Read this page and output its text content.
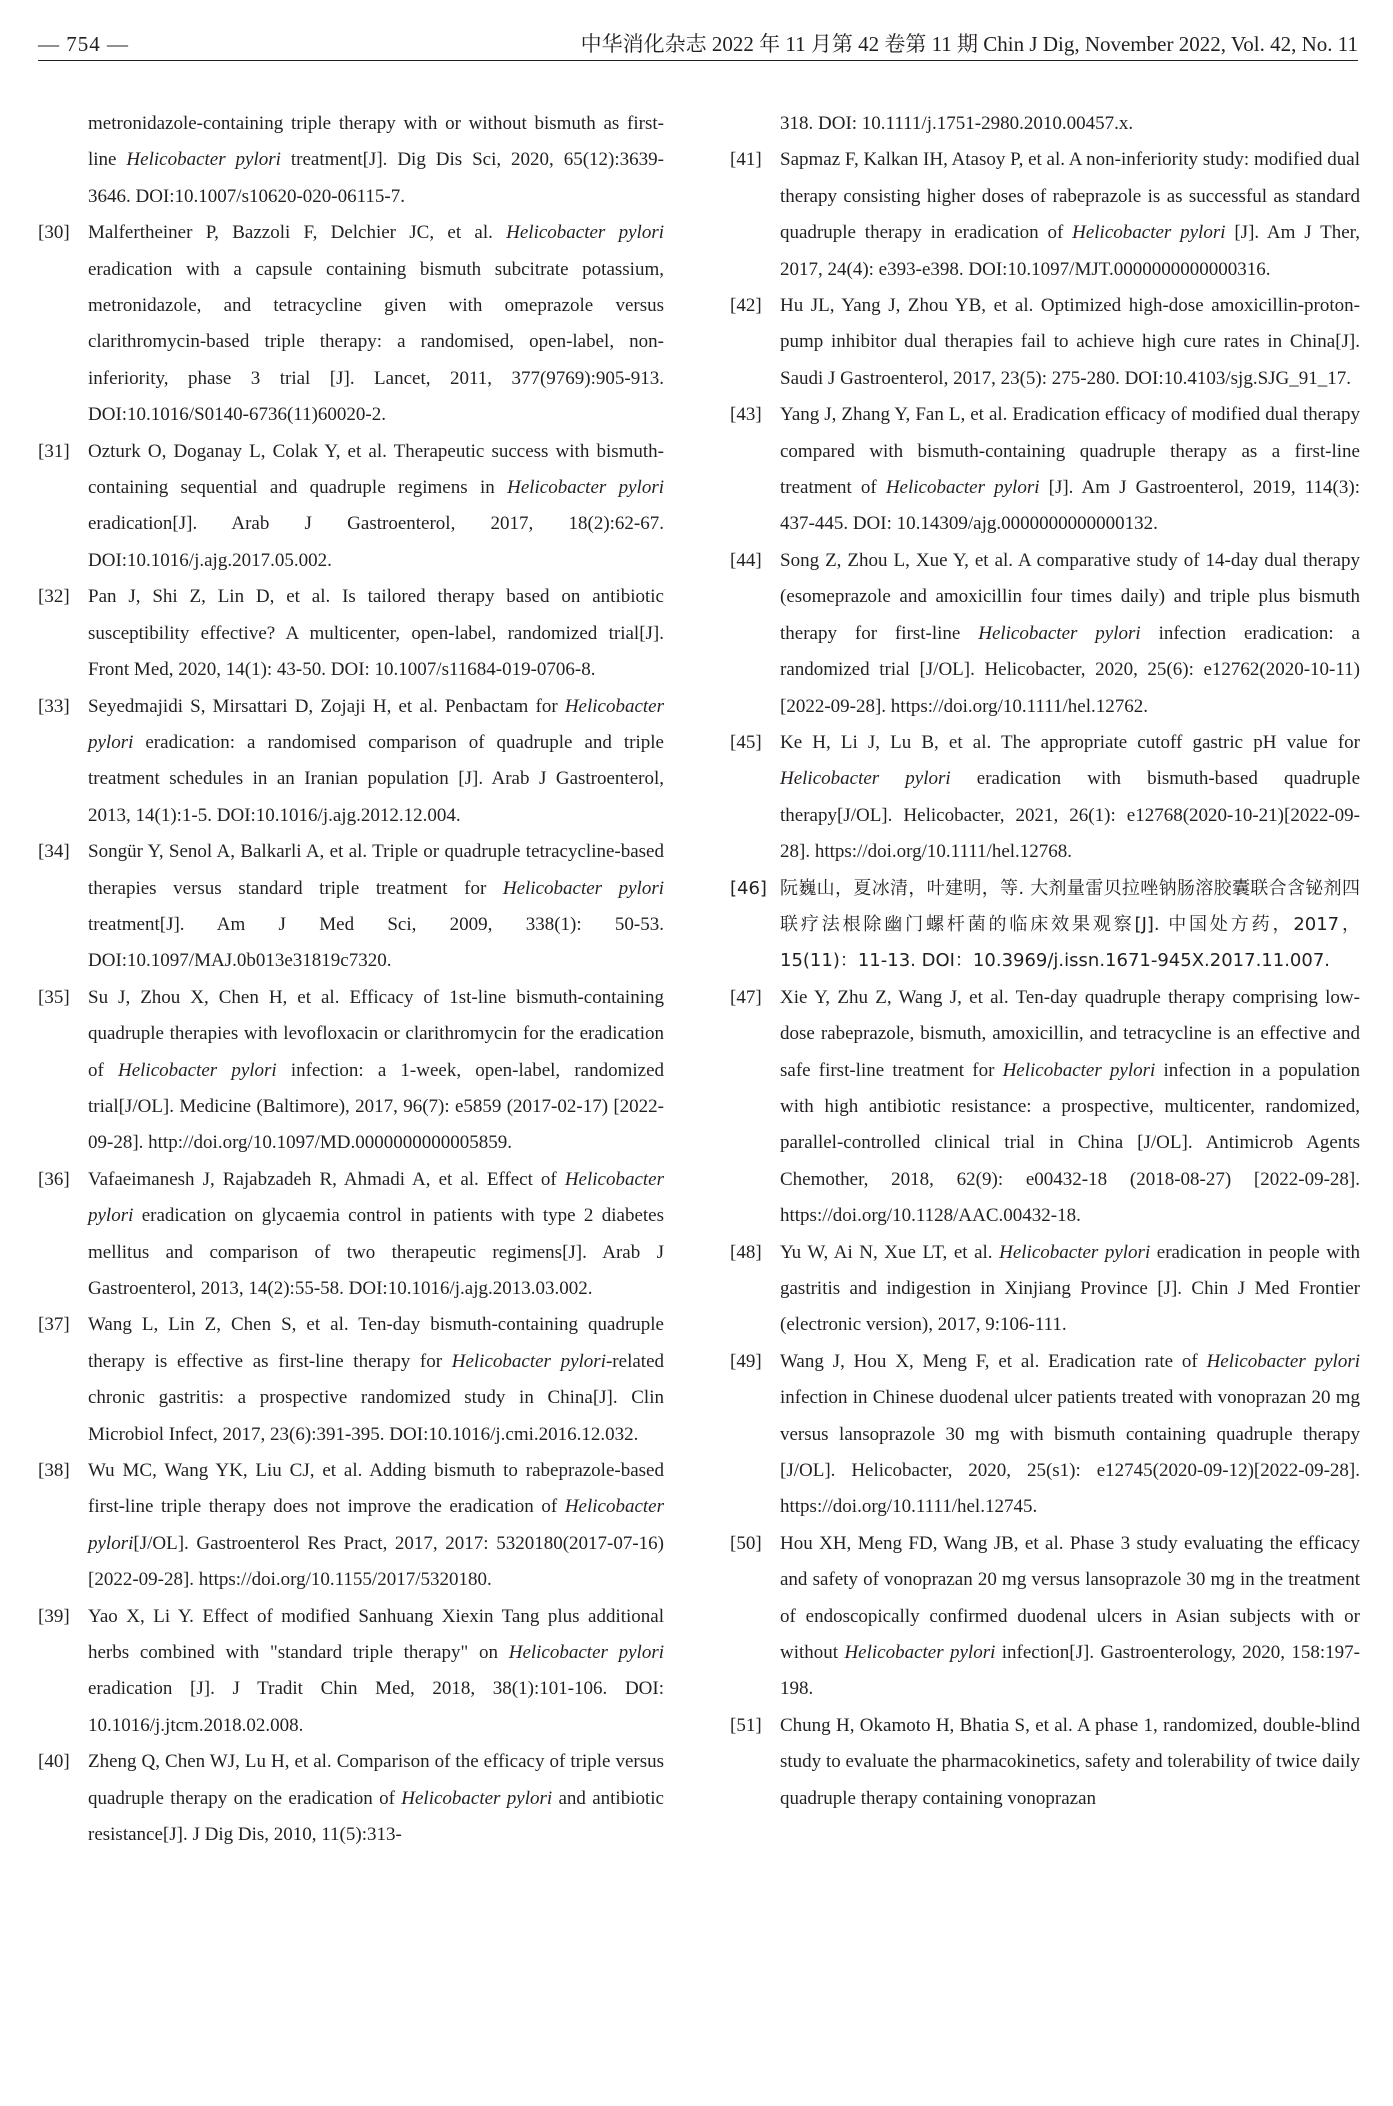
— 754 —	中华消化杂志 2022 年 11 月第 42 卷第 11 期 Chin J Dig, November 2022, Vol. 42, No. 11
metronidazole-containing triple therapy with or without bismuth as first-line Helicobacter pylori treatment[J]. Dig Dis Sci, 2020, 65(12):3639-3646. DOI:10.1007/s10620-020-06115-7.
[30] Malfertheiner P, Bazzoli F, Delchier JC, et al. Helicobacter pylori eradication with a capsule containing bismuth subcitrate potassium, metronidazole, and tetracycline given with omeprazole versus clarithromycin-based triple therapy: a randomised, open-label, non-inferiority, phase 3 trial [J]. Lancet, 2011, 377(9769):905-913. DOI:10.1016/S0140-6736(11)60020-2.
[31] Ozturk O, Doganay L, Colak Y, et al. Therapeutic success with bismuth-containing sequential and quadruple regimens in Helicobacter pylori eradication[J]. Arab J Gastroenterol, 2017, 18(2):62-67. DOI:10.1016/j.ajg.2017.05.002.
[32] Pan J, Shi Z, Lin D, et al. Is tailored therapy based on antibiotic susceptibility effective? A multicenter, open-label, randomized trial[J]. Front Med, 2020, 14(1): 43-50. DOI: 10.1007/s11684-019-0706-8.
[33] Seyedmajidi S, Mirsattari D, Zojaji H, et al. Penbactam for Helicobacter pylori eradication: a randomised comparison of quadruple and triple treatment schedules in an Iranian population [J]. Arab J Gastroenterol, 2013, 14(1):1-5. DOI:10.1016/j.ajg.2012.12.004.
[34] Songür Y, Senol A, Balkarli A, et al. Triple or quadruple tetracycline-based therapies versus standard triple treatment for Helicobacter pylori treatment[J]. Am J Med Sci, 2009, 338(1): 50-53. DOI:10.1097/MAJ.0b013e31819c7320.
[35] Su J, Zhou X, Chen H, et al. Efficacy of 1st-line bismuth-containing quadruple therapies with levofloxacin or clarithromycin for the eradication of Helicobacter pylori infection: a 1-week, open-label, randomized trial[J/OL]. Medicine (Baltimore), 2017, 96(7): e5859 (2017-02-17) [2022-09-28]. http://doi.org/10.1097/MD.0000000000005859.
[36] Vafaeimanesh J, Rajabzadeh R, Ahmadi A, et al. Effect of Helicobacter pylori eradication on glycaemia control in patients with type 2 diabetes mellitus and comparison of two therapeutic regimens[J]. Arab J Gastroenterol, 2013, 14(2):55-58. DOI:10.1016/j.ajg.2013.03.002.
[37] Wang L, Lin Z, Chen S, et al. Ten-day bismuth-containing quadruple therapy is effective as first-line therapy for Helicobacter pylori-related chronic gastritis: a prospective randomized study in China[J]. Clin Microbiol Infect, 2017, 23(6):391-395. DOI:10.1016/j.cmi.2016.12.032.
[38] Wu MC, Wang YK, Liu CJ, et al. Adding bismuth to rabeprazole-based first-line triple therapy does not improve the eradication of Helicobacter pylori[J/OL]. Gastroenterol Res Pract, 2017, 2017: 5320180(2017-07-16)[2022-09-28]. https://doi.org/10.1155/2017/5320180.
[39] Yao X, Li Y. Effect of modified Sanhuang Xiexin Tang plus additional herbs combined with "standard triple therapy" on Helicobacter pylori eradication [J]. J Tradit Chin Med, 2018, 38(1):101-106. DOI: 10.1016/j.jtcm.2018.02.008.
[40] Zheng Q, Chen WJ, Lu H, et al. Comparison of the efficacy of triple versus quadruple therapy on the eradication of Helicobacter pylori and antibiotic resistance[J]. J Dig Dis, 2010, 11(5):313-
318. DOI: 10.1111/j.1751-2980.2010.00457.x.
[41] Sapmaz F, Kalkan IH, Atasoy P, et al. A non-inferiority study: modified dual therapy consisting higher doses of rabeprazole is as successful as standard quadruple therapy in eradication of Helicobacter pylori [J]. Am J Ther, 2017, 24(4): e393-e398. DOI:10.1097/MJT.0000000000000316.
[42] Hu JL, Yang J, Zhou YB, et al. Optimized high-dose amoxicillin-proton-pump inhibitor dual therapies fail to achieve high cure rates in China[J]. Saudi J Gastroenterol, 2017, 23(5): 275-280. DOI:10.4103/sjg.SJG_91_17.
[43] Yang J, Zhang Y, Fan L, et al. Eradication efficacy of modified dual therapy compared with bismuth-containing quadruple therapy as a first-line treatment of Helicobacter pylori [J]. Am J Gastroenterol, 2019, 114(3): 437-445. DOI: 10.14309/ajg.0000000000000132.
[44] Song Z, Zhou L, Xue Y, et al. A comparative study of 14-day dual therapy (esomeprazole and amoxicillin four times daily) and triple plus bismuth therapy for first-line Helicobacter pylori infection eradication: a randomized trial [J/OL]. Helicobacter, 2020, 25(6): e12762(2020-10-11)[2022-09-28]. https://doi.org/10.1111/hel.12762.
[45] Ke H, Li J, Lu B, et al. The appropriate cutoff gastric pH value for Helicobacter pylori eradication with bismuth-based quadruple therapy[J/OL]. Helicobacter, 2021, 26(1): e12768(2020-10-21)[2022-09-28]. https://doi.org/10.1111/hel.12768.
[46] 阮巍山，夏冰清，叶建明，等. 大剂量雷贝拉唑钠肠溶胶囊联合含铋剂四联疗法根除幽门螺杆菌的临床效果观察[J]. 中国处方药，2017，15(11)：11-13. DOI：10.3969/j.issn.1671-945X.2017.11.007.
[47] Xie Y, Zhu Z, Wang J, et al. Ten-day quadruple therapy comprising low-dose rabeprazole, bismuth, amoxicillin, and tetracycline is an effective and safe first-line treatment for Helicobacter pylori infection in a population with high antibiotic resistance: a prospective, multicenter, randomized, parallel-controlled clinical trial in China [J/OL]. Antimicrob Agents Chemother, 2018, 62(9): e00432-18 (2018-08-27) [2022-09-28]. https://doi.org/10.1128/AAC.00432-18.
[48] Yu W, Ai N, Xue LT, et al. Helicobacter pylori eradication in people with gastritis and indigestion in Xinjiang Province [J]. Chin J Med Frontier (electronic version), 2017, 9:106-111.
[49] Wang J, Hou X, Meng F, et al. Eradication rate of Helicobacter pylori infection in Chinese duodenal ulcer patients treated with vonoprazan 20 mg versus lansoprazole 30 mg with bismuth containing quadruple therapy [J/OL]. Helicobacter, 2020, 25(s1): e12745(2020-09-12)[2022-09-28]. https://doi.org/10.1111/hel.12745.
[50] Hou XH, Meng FD, Wang JB, et al. Phase 3 study evaluating the efficacy and safety of vonoprazan 20 mg versus lansoprazole 30 mg in the treatment of endoscopically confirmed duodenal ulcers in Asian subjects with or without Helicobacter pylori infection[J]. Gastroenterology, 2020, 158:197-198.
[51] Chung H, Okamoto H, Bhatia S, et al. A phase 1, randomized, double-blind study to evaluate the pharmacokinetics, safety and tolerability of twice daily quadruple therapy containing vonoprazan
